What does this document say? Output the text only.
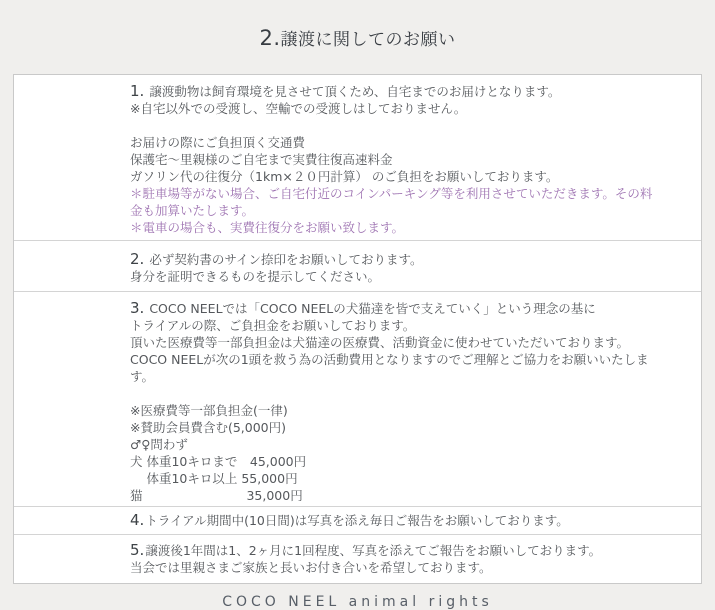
2. 譲渡に関してのお願い

1. 譲渡動物は飼育環境を見させて頂くため、自宅までのお届けとなります。

※自宅以外での受渡し、空輸での受渡しはしておりません。

お届けの際にご負担頂く交通費

保護宅〜里親様のご自宅まで実費往復高速料金

ガソリン代の往復分（1km×２０円計算） のご負担をお願いしております。

＊駐車場等がない場合、ご自宅付近のコインパーキング等を利用させていただきます。その料金も加算いたします。

＊電車の場合も、実費往復分をお願い致します。

2. 必ず契約書のサイン捺印をお願いしております。

身分を証明できるものを提示してください。

3. COCO NEELでは「COCO NEELの犬猫達を皆で支えていく」という理念の基に

トライアルの際、ご負担金をお願いしております。

頂いた医療費等一部負担金は犬猫達の医療費、活動資金に使わせていただいております。

COCO NEELが次の1頭を救う為の活動費用となりますのでご理解とご協力をお願いいたします。

※医療費等一部負担金(一律)

※賛助会員費含む(5,000円)

♂♀問わず

犬 体重10キロまで　45,000円

　 体重10キロ以上 55,000円

猫　　　　　　　　 35,000円

4.トライアル期間中(10日間)は写真を添え毎日ご報告をお願いしております。

5.譲渡後1年間は1、2ヶ月に1回程度、写真を添えてご報告をお願いしております。

当会では里親さまご家族と長いお付き合いを希望しております。

COCO NEEL animal rights
